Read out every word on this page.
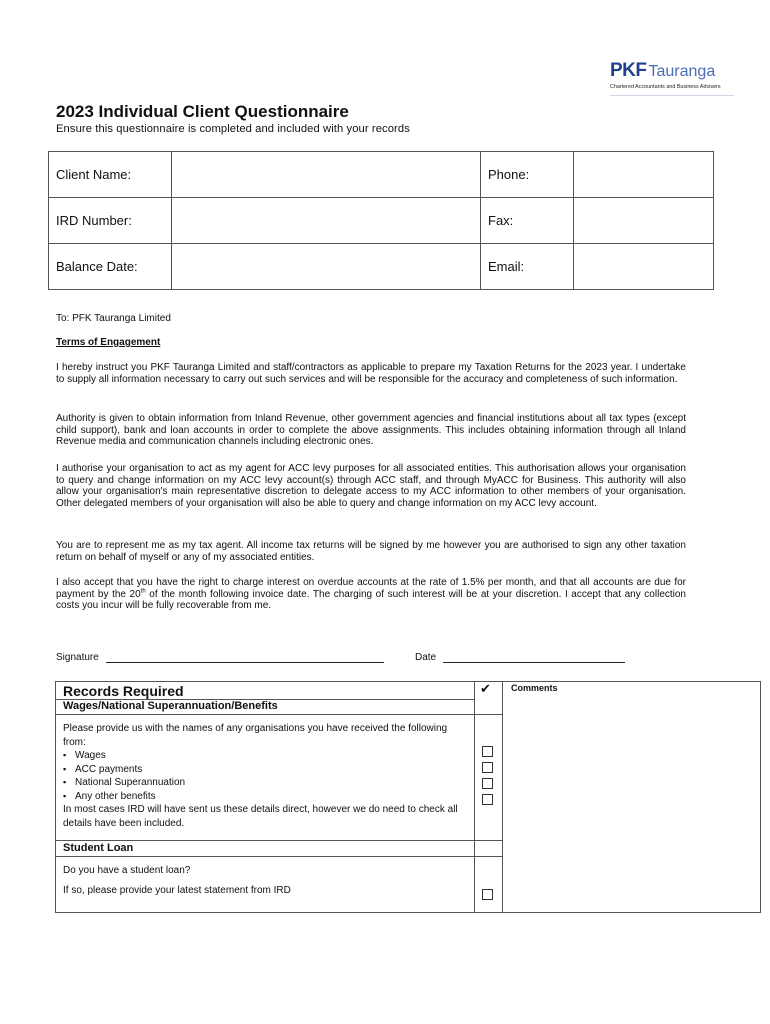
PKF Tauranga
Chartered Accountants and Business Advisers
2023 Individual Client Questionnaire
Ensure this questionnaire is completed and included with your records
Client Name:		Phone:	
IRD Number:		Fax:	
Balance Date:		Email:	
To: PFK Tauranga Limited
Terms of Engagement
I hereby instruct you PKF Tauranga Limited and staff/contractors as applicable to prepare my Taxation Returns for the 2023 year. I undertake to supply all information necessary to carry out such services and will be responsible for the accuracy and completeness of such information.
Authority is given to obtain information from Inland Revenue, other government agencies and financial institutions about all tax types (except child support), bank and loan accounts in order to complete the above assignments. This includes obtaining information through all Inland Revenue media and communication channels including electronic ones.
I authorise your organisation to act as my agent for ACC levy purposes for all associated entities. This authorisation allows your organisation to query and change information on my ACC levy account(s) through ACC staff, and through MyACC for Business. This authority will also allow your organisation's main representative discretion to delegate access to my ACC information to other members of your organisation. Other delegated members of your organisation will also be able to query and change information on my ACC levy account.
You are to represent me as my tax agent. All income tax returns will be signed by me however you are authorised to sign any other taxation return on behalf of myself or any of my associated entities.
I also accept that you have the right to charge interest on overdue accounts at the rate of 1.5% per month, and that all accounts are due for payment by the 20th of the month following invoice date. The charging of such interest will be at your discretion. I accept that any collection costs you incur will be fully recoverable from me.
Signature	Date
Records Required	✔ Comments
Wages/National Superannuation/Benefits
Please provide us with the names of any organisations you have received the following from:
▪ Wages
▪ ACC payments
▪ National Superannuation
▪ Any other benefits
In most cases IRD will have sent us these details direct, however we do need to check all details have been included.
Student Loan
Do you have a student loan?
If so, please provide your latest statement from IRD
